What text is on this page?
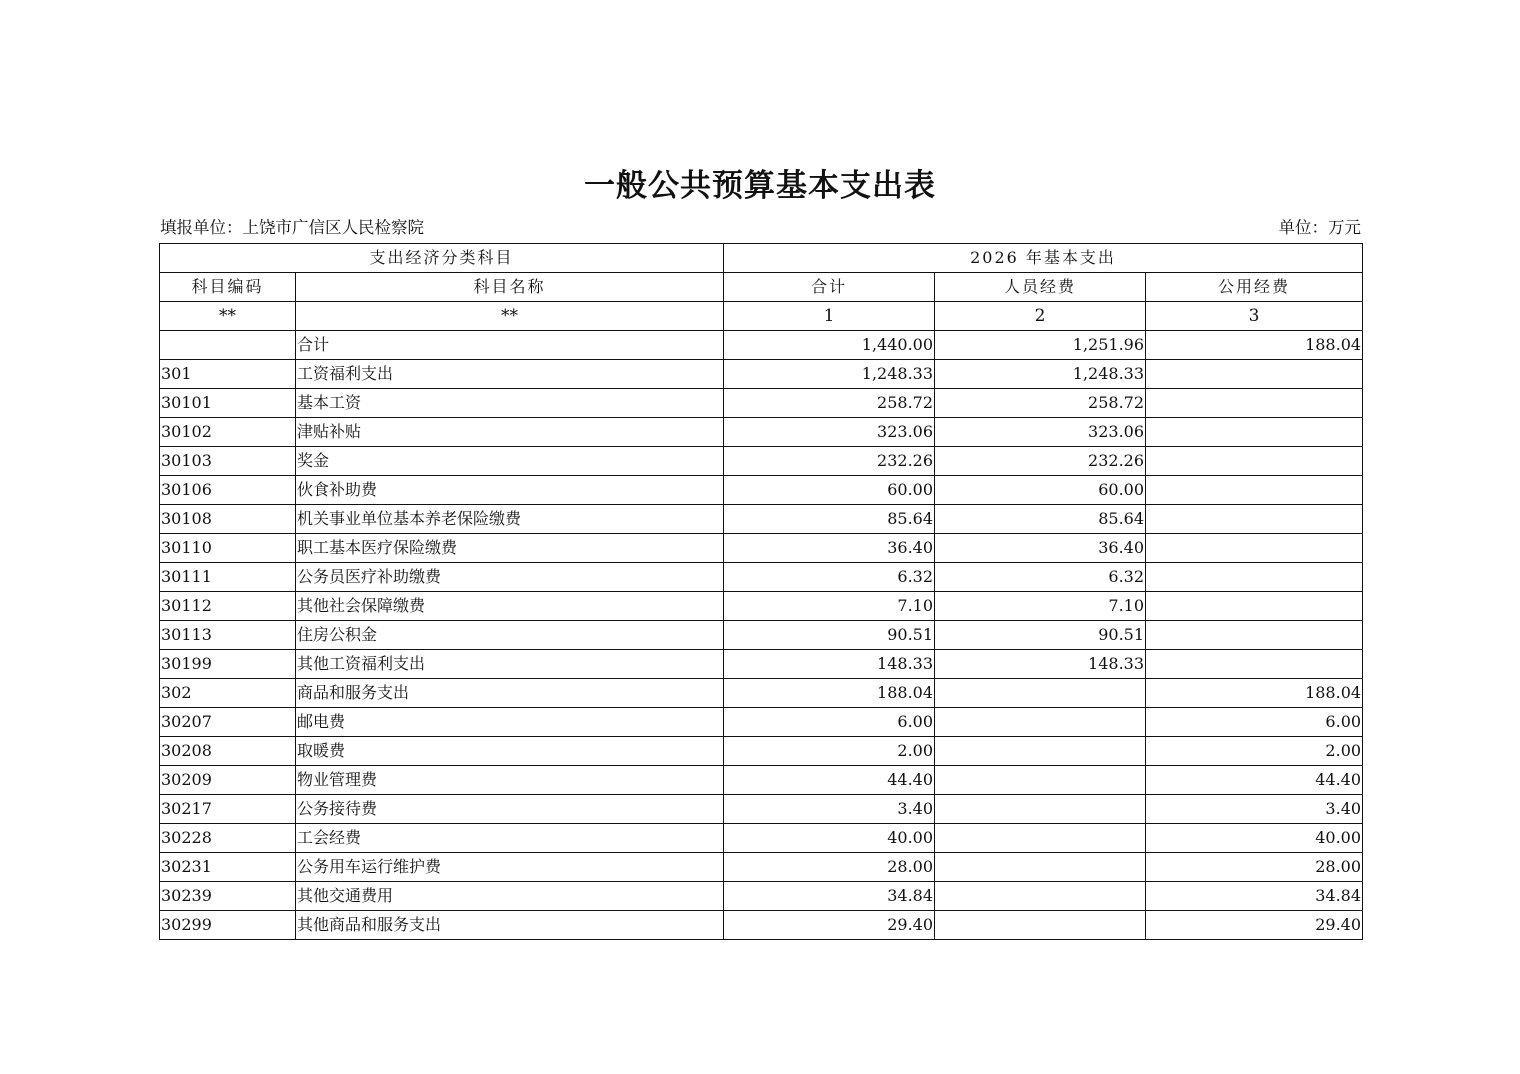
一般公共预算基本支出表
填报单位：上饶市广信区人民检察院	单位：万元
支出经济分类科目		2026 年基本支出		
科目编码	科目名称	合计	人员经费	公用经费
**	**	1	2	3
	合计	1,440.00	1,251.96	188.04
301	工资福利支出	1,248.33	1,248.33	
30101	基本工资	258.72	258.72	
30102	津贴补贴	323.06	323.06	
30103	奖金	232.26	232.26	
30106	伙食补助费	60.00	60.00	
30108	机关事业单位基本养老保险缴费	85.64	85.64	
30110	职工基本医疗保险缴费	36.40	36.40	
30111	公务员医疗补助缴费	6.32	6.32	
30112	其他社会保障缴费	7.10	7.10	
30113	住房公积金	90.51	90.51	
30199	其他工资福利支出	148.33	148.33	
302	商品和服务支出	188.04		188.04
30207	邮电费	6.00		6.00
30208	取暖费	2.00		2.00
30209	物业管理费	44.40		44.40
30217	公务接待费	3.40		3.40
30228	工会经费	40.00		40.00
30231	公务用车运行维护费	28.00		28.00
30239	其他交通费用	34.84		34.84
30299	其他商品和服务支出	29.40		29.40
